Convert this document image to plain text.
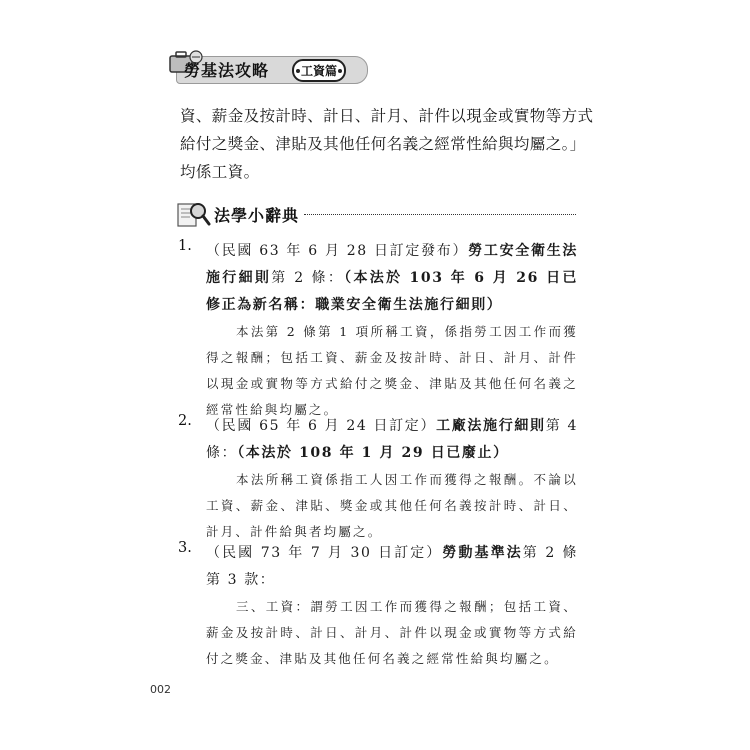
勞基法攻略	工資篇

資、薪金及按計時、計日、計月、計件以現金或實物等方式

給付之獎金、津貼及其他任何名義之經常性給與均屬之。」

均係工資。

法學小辭典
1. （民國 63 年 6 月 28 日訂定發布）勞工安全衛生法施行細則第 2 條：（本法於 103 年 6 月 26 日已修正為新名稱：職業安全衛生法施行細則）
本法第 2 條第 1 項所稱工資，係指勞工因工作而獲得之報酬；包括工資、薪金及按計時、計日、計月、計件以現金或實物等方式給付之獎金、津貼及其他任何名義之經常性給與均屬之。
2. （民國 65 年 6 月 24 日訂定）工廠法施行細則第 4 條：（本法於 108 年 1 月 29 日已廢止）
本法所稱工資係指工人因工作而獲得之報酬。不論以工資、薪金、津貼、獎金或其他任何名義按計時、計日、計月、計件給與者均屬之。
3. （民國 73 年 7 月 30 日訂定）勞動基準法第 2 條第 3 款：
三、工資：謂勞工因工作而獲得之報酬；包括工資、薪金及按計時、計日、計月、計件以現金或實物等方式給付之獎金、津貼及其他任何名義之經常性給與均屬之。
002
